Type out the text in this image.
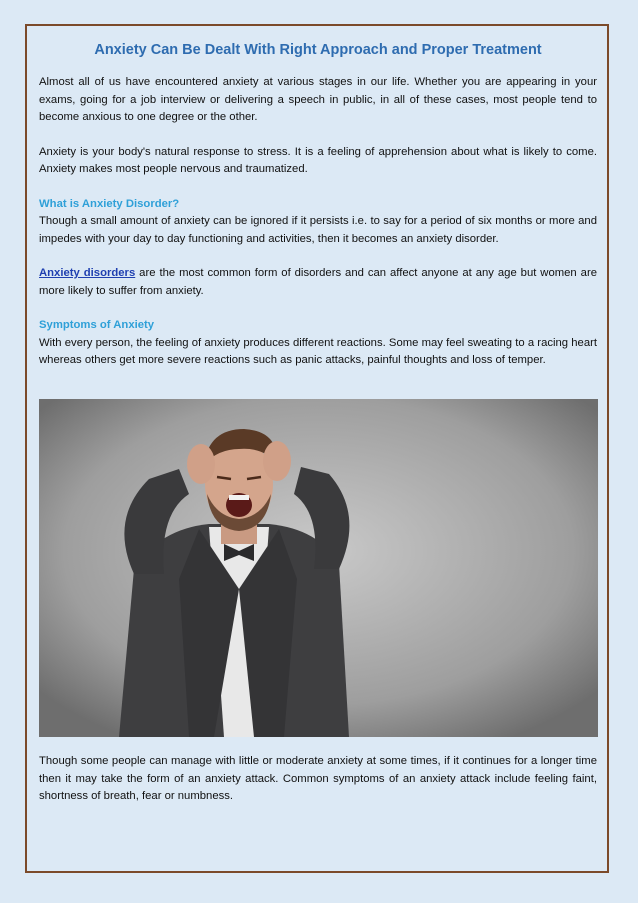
Anxiety Can Be Dealt With Right Approach and Proper Treatment

Almost all of us have encountered anxiety at various stages in our life. Whether you are appearing in your exams, going for a job interview or delivering a speech in public, in all of these cases, most people tend to become anxious to one degree or the other.

Anxiety is your body's natural response to stress. It is a feeling of apprehension about what is likely to come. Anxiety makes most people nervous and traumatized.

What is Anxiety Disorder?
Though a small amount of anxiety can be ignored if it persists i.e. to say for a period of six months or more and impedes with your day to day functioning and activities, then it becomes an anxiety disorder.

Anxiety disorders are the most common form of disorders and can affect anyone at any age but women are more likely to suffer from anxiety.

Symptoms of Anxiety
With every person, the feeling of anxiety produces different reactions. Some may feel sweating to a racing heart whereas others get more severe reactions such as panic attacks, painful thoughts and loss of temper.

Though some people can manage with little or moderate anxiety at some times, if it continues for a longer time then it may take the form of an anxiety attack. Common symptoms of an anxiety attack include feeling faint, shortness of breath, fear or numbness.
